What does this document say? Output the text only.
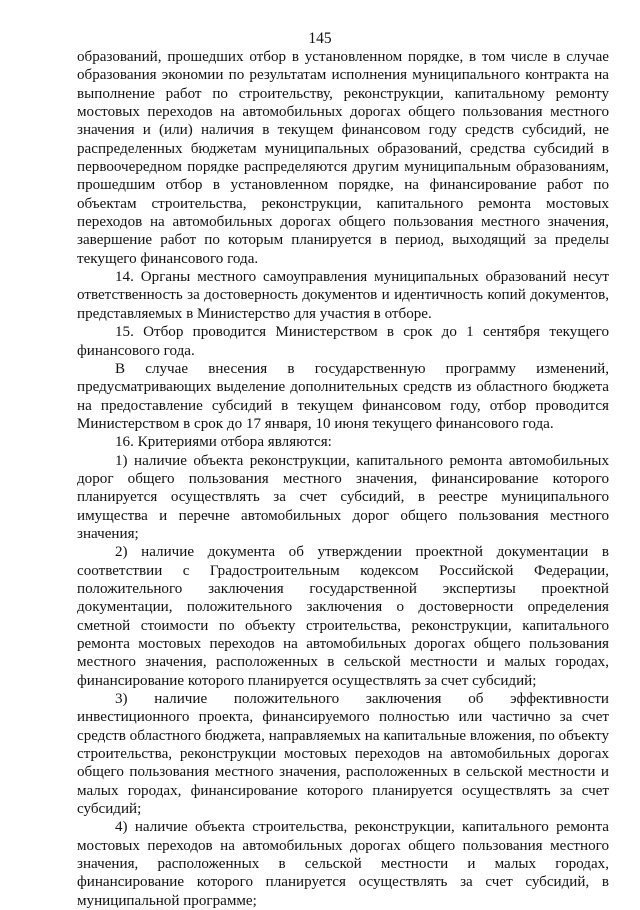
145

образований, прошедших отбор в установленном порядке, в том числе в случае образования экономии по результатам исполнения муниципального контракта на выполнение работ по строительству, реконструкции, капитальному ремонту мостовых переходов на автомобильных дорогах общего пользования местного значения и (или) наличия в текущем финансовом году средств субсидий, не распределенных бюджетам муниципальных образований, средства субсидий в первоочередном порядке распределяются другим муниципальным образованиям, прошедшим отбор в установленном порядке, на финансирование работ по объектам строительства, реконструкции, капитального ремонта мостовых переходов на автомобильных дорогах общего пользования местного значения, завершение работ по которым планируется в период, выходящий за пределы текущего финансового года.

14. Органы местного самоуправления муниципальных образований несут ответственность за достоверность документов и идентичность копий документов, представляемых в Министерство для участия в отборе.

15. Отбор проводится Министерством в срок до 1 сентября текущего финансового года.

В случае внесения в государственную программу изменений, предусматривающих выделение дополнительных средств из областного бюджета на предоставление субсидий в текущем финансовом году, отбор проводится Министерством в срок до 17 января, 10 июня текущего финансового года.

16. Критериями отбора являются:

1) наличие объекта реконструкции, капитального ремонта автомобильных дорог общего пользования местного значения, финансирование которого планируется осуществлять за счет субсидий, в реестре муниципального имущества и перечне автомобильных дорог общего пользования местного значения;

2) наличие документа об утверждении проектной документации в соответствии с Градостроительным кодексом Российской Федерации, положительного заключения государственной экспертизы проектной документации, положительного заключения о достоверности определения сметной стоимости по объекту строительства, реконструкции, капитального ремонта мостовых переходов на автомобильных дорогах общего пользования местного значения, расположенных в сельской местности и малых городах, финансирование которого планируется осуществлять за счет субсидий;

3) наличие положительного заключения об эффективности инвестиционного проекта, финансируемого полностью или частично за счет средств областного бюджета, направляемых на капитальные вложения, по объекту строительства, реконструкции мостовых переходов на автомобильных дорогах общего пользования местного значения, расположенных в сельской местности и малых городах, финансирование которого планируется осуществлять за счет субсидий;

4) наличие объекта строительства, реконструкции, капитального ремонта мостовых переходов на автомобильных дорогах общего пользования местного значения, расположенных в сельской местности и малых городах, финансирование которого планируется осуществлять за счет субсидий, в муниципальной программе;
